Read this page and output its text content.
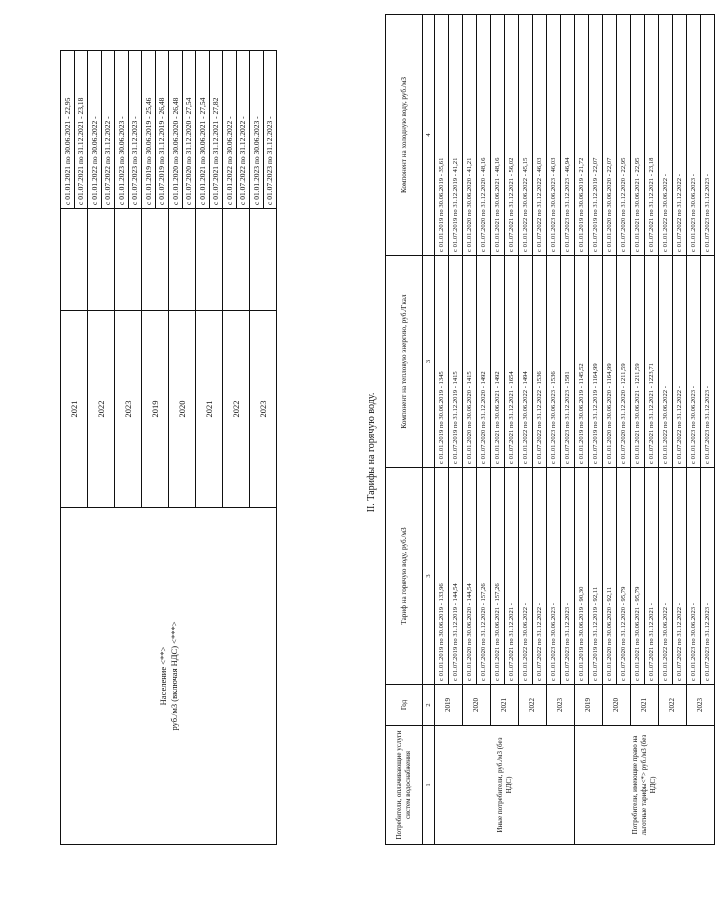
Население <**>
руб./м3 (включая НДС) <***>	2021		с 01.01.2021 по 30.06.2021 - 22,95
			с 01.07.2021 по 31.12.2021 - 23,18
	2022		с 01.01.2022 по 30.06.2022 -
			с 01.07.2022 по 31.12.2022 -
	2023		с 01.01.2023 по 30.06.2023 -
			с 01.07.2023 по 31.12.2023 -
	2019		с 01.01.2019 по 30.06.2019 - 25,46
			с 01.07.2019 по 31.12.2019 - 26,48
	2020		с 01.01.2020 по 30.06.2020 - 26,48
			с 01.07.2020 по 31.12.2020 - 27,54
	2021		с 01.01.2021 по 30.06.2021 - 27,54
			с 01.07.2021 по 31.12.2021 - 27,82
	2022		с 01.01.2022 по 30.06.2022 -
			с 01.07.2022 по 31.12.2022 -
	2023		с 01.01.2023 по 30.06.2023 -
			с 01.07.2023 по 31.12.2023 -
II. Тарифы на горячую воду.
Потребители, оплачивающие услуги систем водоснабжения	Год	Тариф на горячую воду, руб./м3	Компонент на тепловую энергию, руб./Гкал	Компонент на холодную воду, руб./м3
1	2	3	3	4
Иные потребители, руб./м3 (без НДС)	2019	с 01.01.2019 по 30.06.2019 - 133,96	с 01.01.2019 по 30.06.2019 - 1345	с 01.01.2019 по 30.06.2019 - 35,61
		с 01.07.2019 по 31.12.2019 - 144,54	с 01.07.2019 по 31.12.2019 - 1415	с 01.07.2019 по 31.12.2019 - 41,21
	2020	с 01.01.2020 по 30.06.2020 - 144,54	с 01.01.2020 по 30.06.2020 - 1415	с 01.01.2020 по 30.06.2020 - 41,21
		с 01.07.2020 по 31.12.2020 - 157,26	с 01.07.2020 по 31.12.2020 - 1492	с 01.07.2020 по 31.12.2020 - 48,16
	2021	с 01.01.2021 по 30.06.2021 - 157,26	с 01.01.2021 по 30.06.2021 - 1492	с 01.01.2021 по 30.06.2021 - 48,16
		с 01.07.2021 по 31.12.2021 -	с 01.07.2021 по 31.12.2021 - 1654	с 01.07.2021 по 31.12.2021 - 56,02
	2022	с 01.01.2022 по 30.06.2022 -	с 01.01.2022 по 30.06.2022 - 1494	с 01.01.2022 по 30.06.2022 - 45,15
		с 01.07.2022 по 31.12.2022 -	с 01.07.2022 по 31.12.2022 - 1536	с 01.07.2022 по 31.12.2022 - 46,03
	2023	с 01.01.2023 по 30.06.2023 -	с 01.01.2023 по 30.06.2023 - 1536	с 01.01.2023 по 30.06.2023 - 46,03
		с 01.07.2023 по 31.12.2023 -	с 01.07.2023 по 31.12.2023 - 1581	с 01.07.2023 по 31.12.2023 - 46,94
Потребители, имеющие право на льготные тарифы<*> руб./м3 (без НДС)	2019	с 01.01.2019 по 30.06.2019 - 90,30	с 01.01.2019 по 30.06.2019 - 1145,52	с 01.01.2019 по 30.06.2019 - 21,72
		с 01.07.2019 по 31.12.2019 - 92,11	с 01.07.2019 по 31.12.2019 - 1164,99	с 01.07.2019 по 31.12.2019 - 22,07
	2020	с 01.01.2020 по 30.06.2020 - 92,11	с 01.01.2020 по 30.06.2020 - 1164,99	с 01.01.2020 по 30.06.2020 - 22,07
		с 01.07.2020 по 31.12.2020 - 95,79	с 01.07.2020 по 31.12.2020 - 1211,59	с 01.07.2020 по 31.12.2020 - 22,95
	2021	с 01.01.2021 по 30.06.2021 - 95,79	с 01.01.2021 по 30.06.2021 - 1211,59	с 01.01.2021 по 30.06.2021 - 22,95
		с 01.07.2021 по 31.12.2021 -	с 01.07.2021 по 31.12.2021 - 1223,71	с 01.07.2021 по 31.12.2021 - 23,18
	2022	с 01.01.2022 по 30.06.2022 -	с 01.01.2022 по 30.06.2022 -	с 01.01.2022 по 30.06.2022 -
		с 01.07.2022 по 31.12.2022 -	с 01.07.2022 по 31.12.2022 -	с 01.07.2022 по 31.12.2022 -
	2023	с 01.01.2023 по 30.06.2023 -	с 01.01.2023 по 30.06.2023 -	с 01.01.2023 по 30.06.2023 -
		с 01.07.2023 по 31.12.2023 -	с 01.07.2023 по 31.12.2023 -	с 01.07.2023 по 31.12.2023 -
